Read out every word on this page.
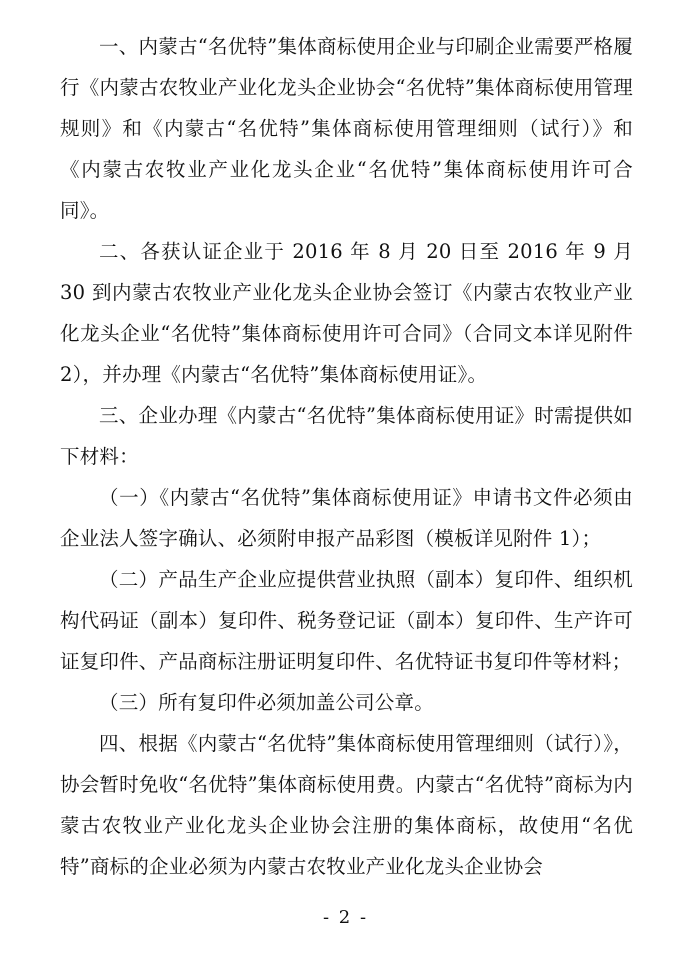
一、内蒙古“名优特”集体商标使用企业与印刷企业需要严格履行《内蒙古农牧业产业化龙头企业协会“名优特”集体商标使用管理规则》和《内蒙古“名优特”集体商标使用管理细则（试行）》和《内蒙古农牧业产业化龙头企业“名优特”集体商标使用许可合同》。

二、各获认证企业于 2016 年 8 月 20 日至 2016 年 9 月 30 到内蒙古农牧业产业化龙头企业协会签订《内蒙古农牧业产业化龙头企业“名优特”集体商标使用许可合同》（合同文本详见附件 2），并办理《内蒙古“名优特”集体商标使用证》。

三、企业办理《内蒙古“名优特”集体商标使用证》时需提供如下材料：

（一）《内蒙古“名优特”集体商标使用证》申请书文件必须由企业法人签字确认、必须附申报产品彩图（模板详见附件 1）；

（二）产品生产企业应提供营业执照（副本）复印件、组织机构代码证（副本）复印件、税务登记证（副本）复印件、生产许可证复印件、产品商标注册证明复印件、名优特证书复印件等材料；

（三）所有复印件必须加盖公司公章。

四、根据《内蒙古“名优特”集体商标使用管理细则（试行）》，协会暂时免收“名优特”集体商标使用费。内蒙古“名优特”商标为内蒙古农牧业产业化龙头企业协会注册的集体商标，故使用“名优特”商标的企业必须为内蒙古农牧业产业化龙头企业协会

- 2 -
